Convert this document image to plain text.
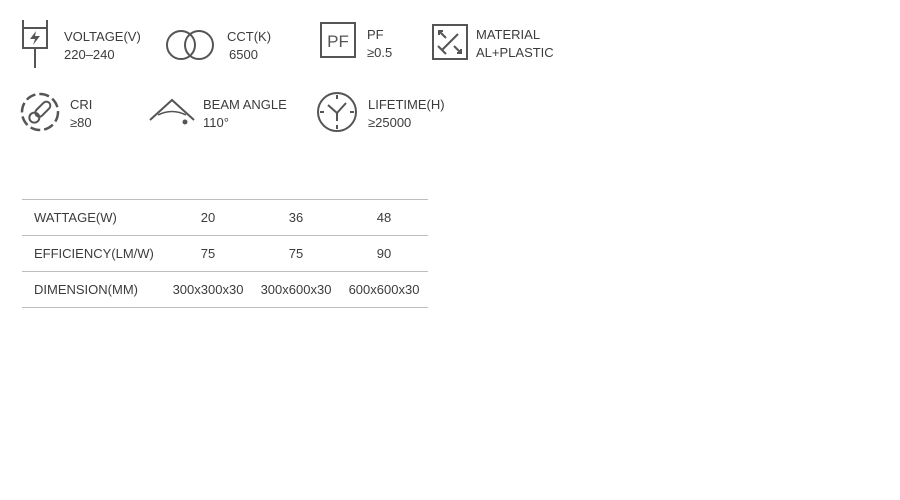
VOLTAGE(V)
220–240
CCT(K)
6500
PF PF
≥0.5
MATERIAL
AL+PLASTIC
CRI
≥80
BEAM ANGLE
110°
LIFETIME(H)
≥25000
WATTAGE(W)	20	36	48
EFFICIENCY(LM/W)	75	75	90
DIMENSION(MM)	300x300x30	300x600x30	600x600x30
